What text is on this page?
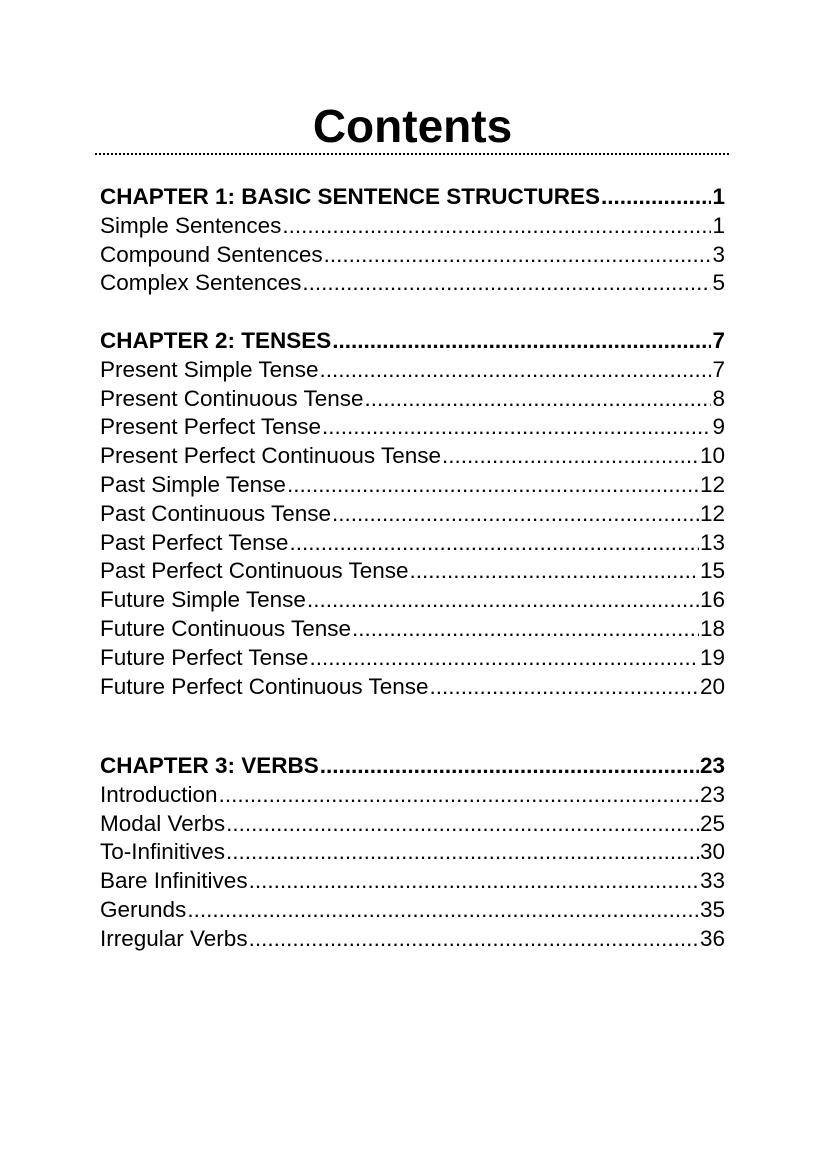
Contents
CHAPTER 1: BASIC SENTENCE STRUCTURES .....	1
Simple Sentences .....	1
Compound Sentences .....	3
Complex Sentences .....	5
CHAPTER 2: TENSES .....	7
Present Simple Tense .....	7
Present Continuous Tense .....	8
Present Perfect Tense .....	9
Present Perfect Continuous Tense .....	10
Past Simple Tense .....	12
Past Continuous Tense .....	12
Past Perfect Tense .....	13
Past Perfect Continuous Tense .....	15
Future Simple Tense .....	16
Future Continuous Tense .....	18
Future Perfect Tense .....	19
Future Perfect Continuous Tense .....	20
CHAPTER 3: VERBS .....	23
Introduction .....	23
Modal Verbs .....	25
To-Infinitives .....	30
Bare Infinitives .....	33
Gerunds .....	35
Irregular Verbs .....	36
